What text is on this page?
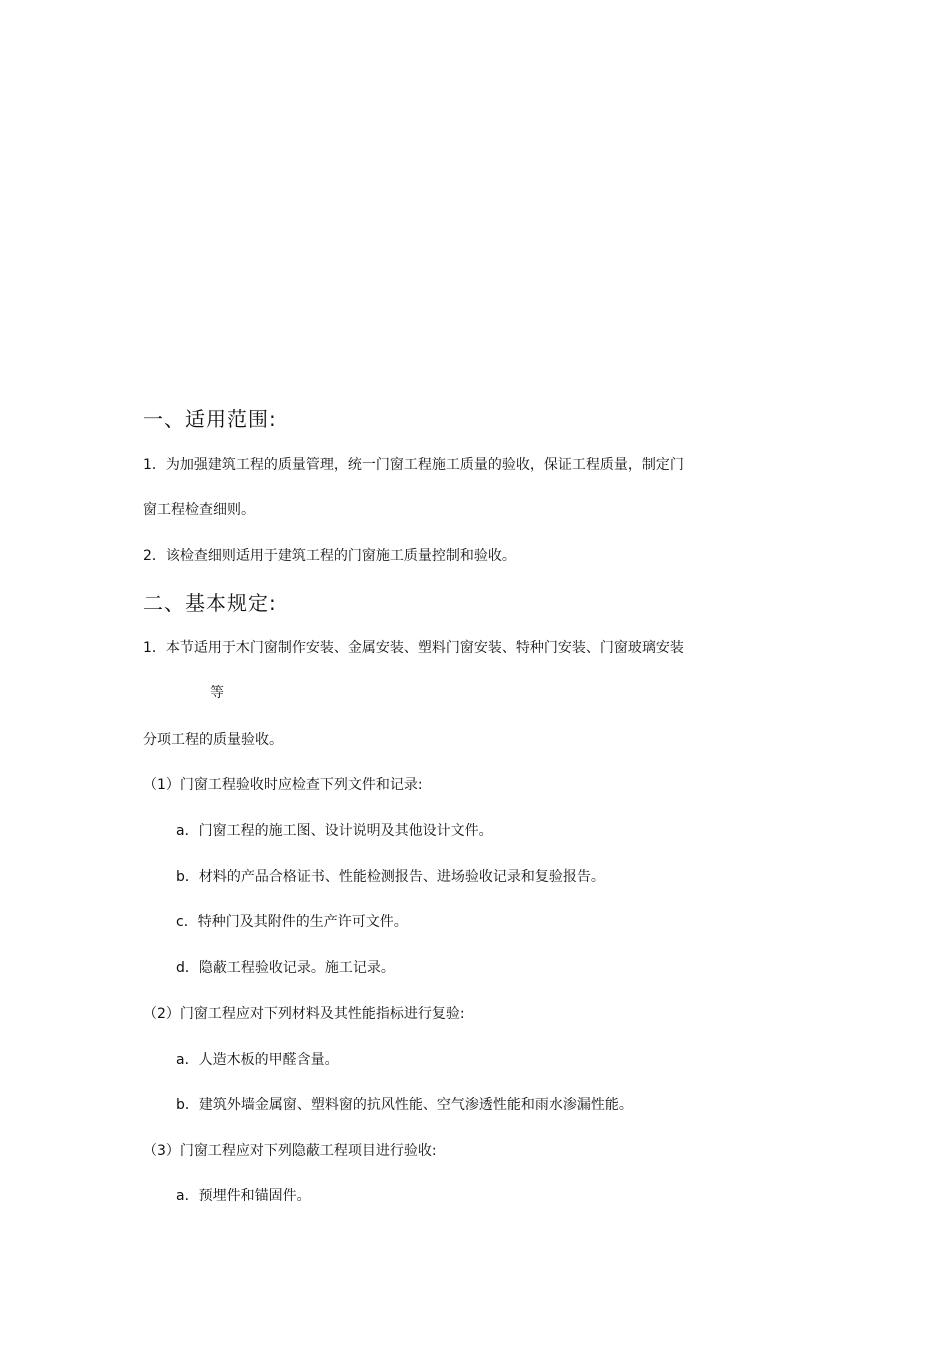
一、适用范围:
1．为加强建筑工程的质量管理，统一门窗工程施工质量的验收，保证工程质量，制定门
窗工程检查细则。
2．该检查细则适用于建筑工程的门窗施工质量控制和验收。
二、基本规定:
1．本节适用于木门窗制作安装、金属安装、塑料门窗安装、特种门安装、门窗玻璃安装
等
分项工程的质量验收。
（1）门窗工程验收时应检查下列文件和记录:
a．门窗工程的施工图、设计说明及其他设计文件。
b．材料的产品合格证书、性能检测报告、进场验收记录和复验报告。
c．特种门及其附件的生产许可文件。
d．隐蔽工程验收记录。施工记录。
（2）门窗工程应对下列材料及其性能指标进行复验:
a．人造木板的甲醛含量。
b．建筑外墙金属窗、塑料窗的抗风性能、空气渗透性能和雨水渗漏性能。
（3）门窗工程应对下列隐蔽工程项目进行验收:
a．预埋件和锚固件。
